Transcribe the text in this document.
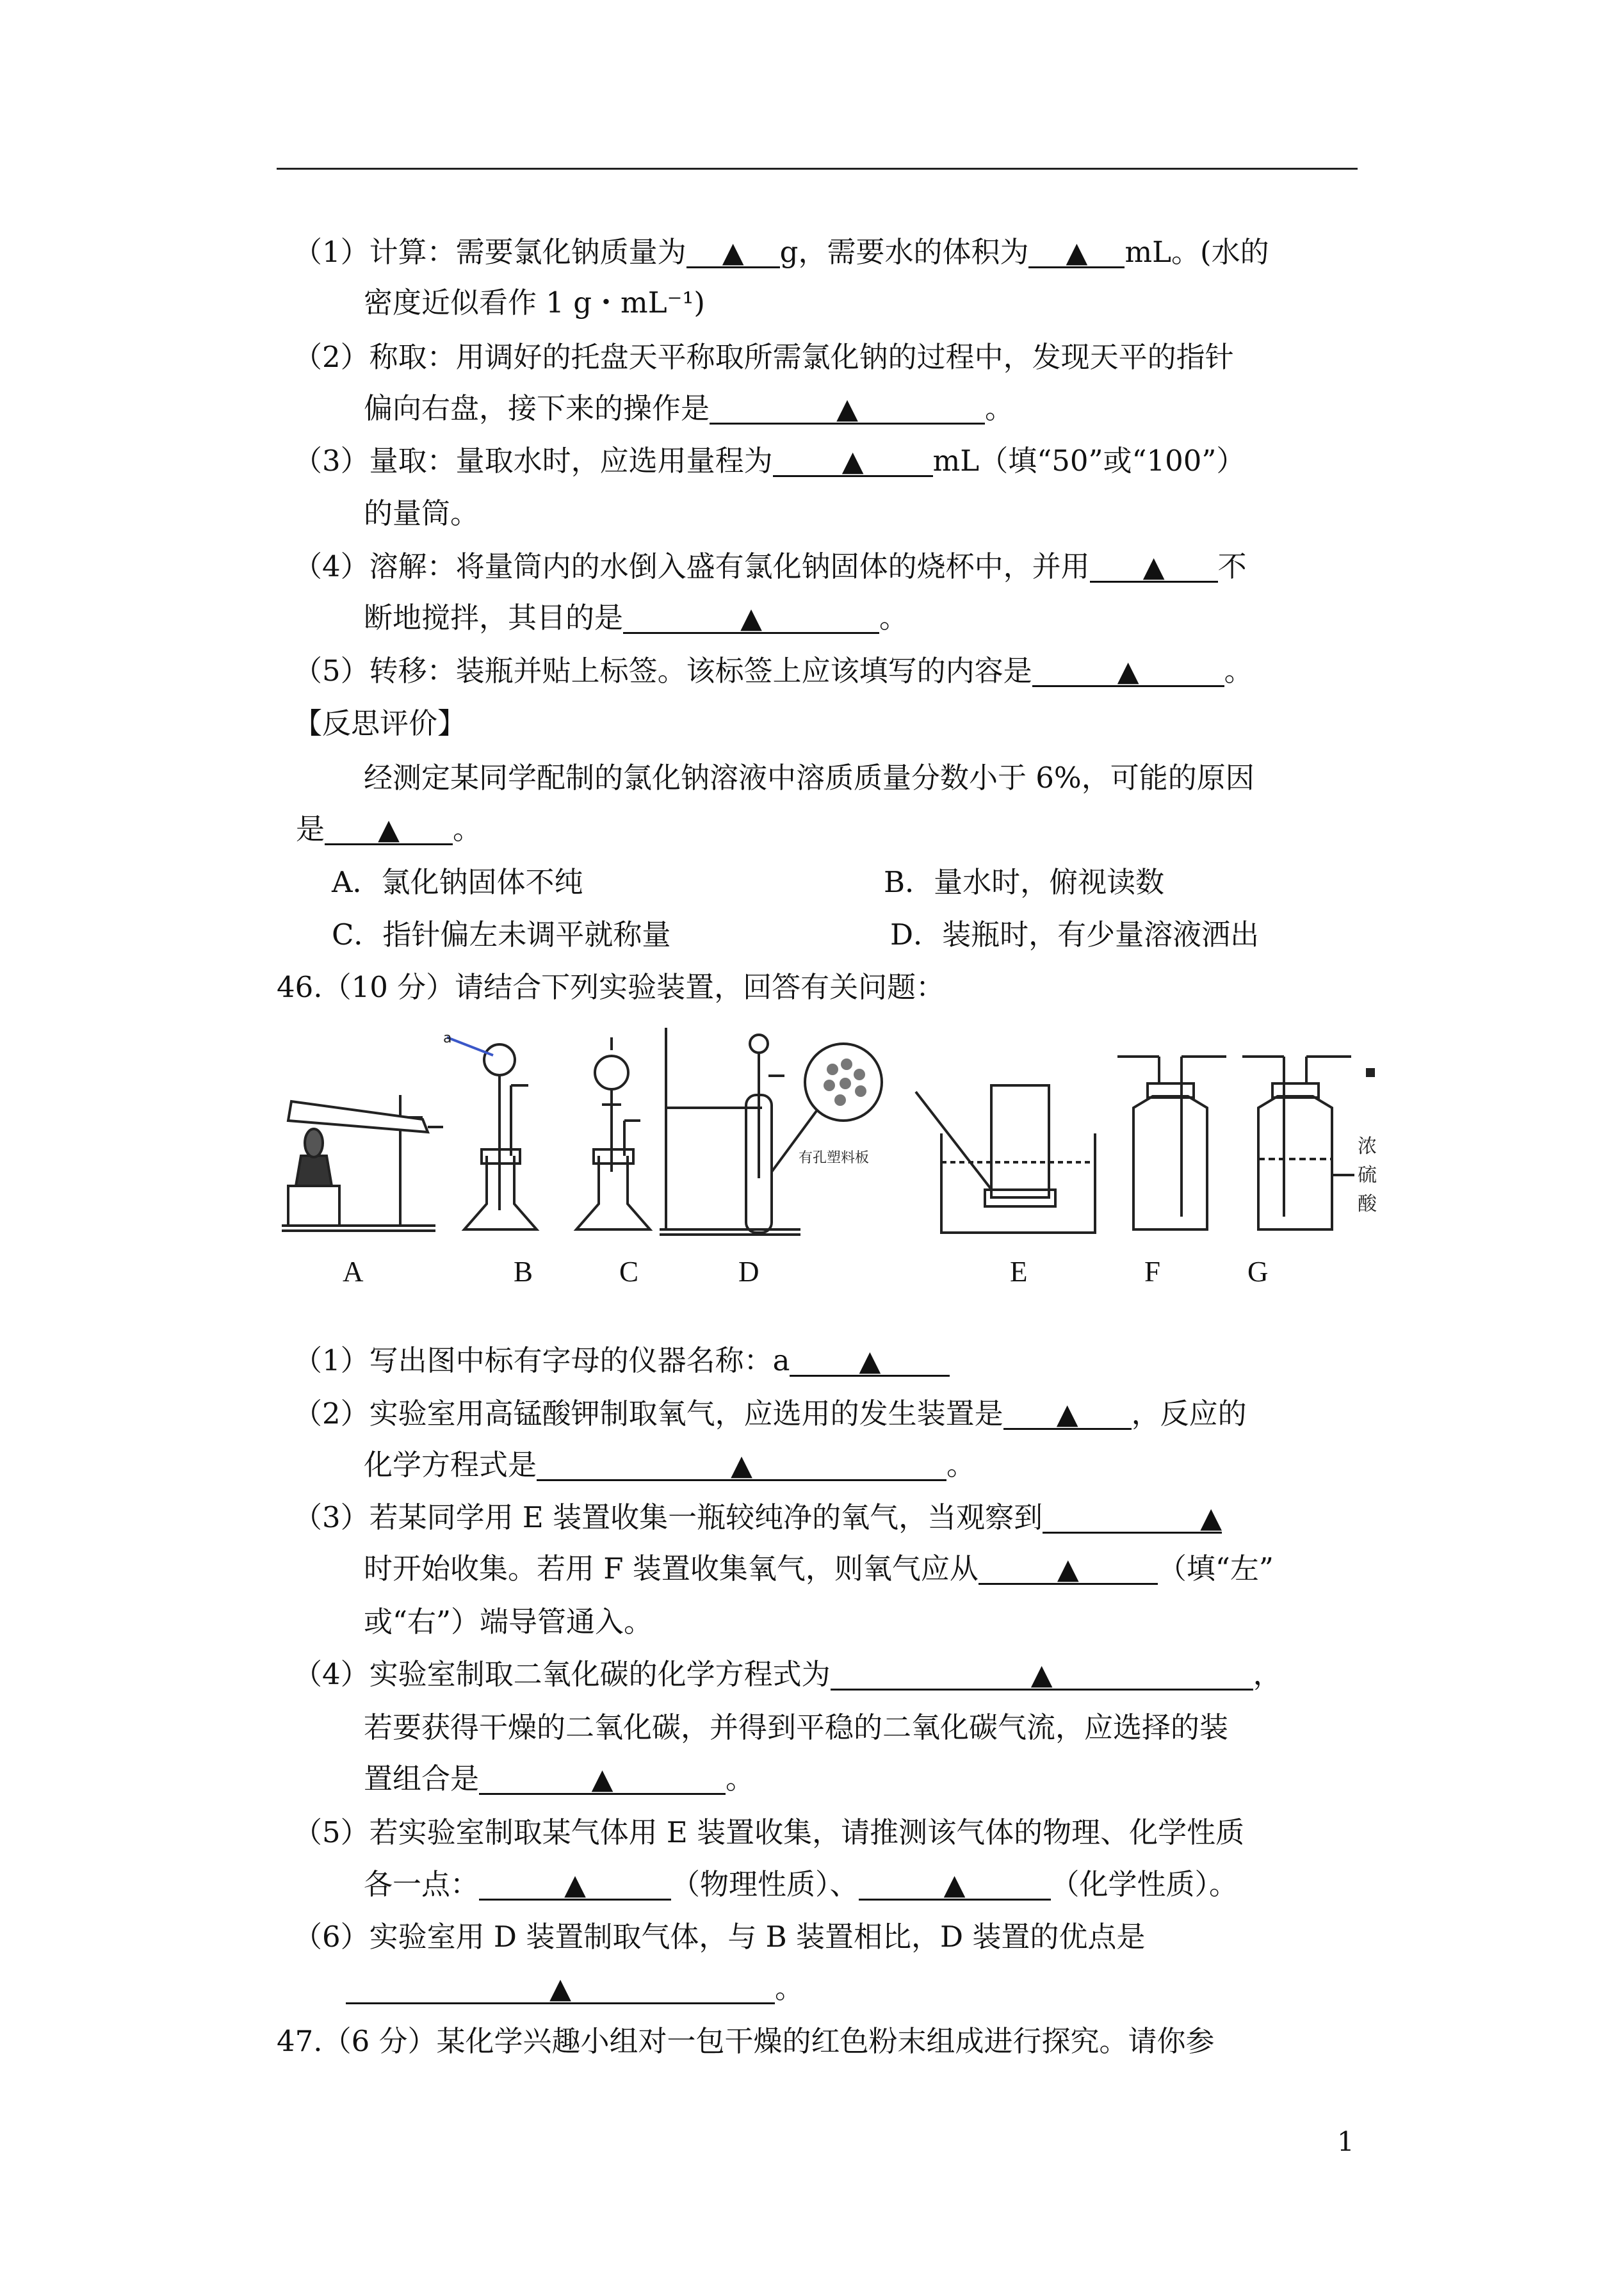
（1）计算：需要氯化钠质量为 ▲ g，需要水的体积为 ▲ mL。(水的
密度近似看作 1 g・mL⁻¹)
（2）称取：用调好的托盘天平称取所需氯化钠的过程中，发现天平的指针
偏向右盘，接下来的操作是	▲	。
（3）量取：量取水时，应选用量程为 ▲ mL（填“50”或“100”）
的量筒。
（4）溶解：将量筒内的水倒入盛有氯化钠固体的烧杯中，并用 ▲ 不
断地搅拌，其目的是	▲	。
（5）转移：装瓶并贴上标签。该标签上应该填写的内容是	▲	。
【反思评价】
经测定某同学配制的氯化钠溶液中溶质质量分数小于 6%，可能的原因
是 ▲ 。
A．氯化钠固体不纯	B．量水时，俯视读数
C．指针偏左未调平就称量	D．装瓶时，有少量溶液洒出
46.（10 分）请结合下列实验装置，回答有关问题：
a
有孔塑料板
浓
硫
酸
A	B	C	D	E	F	G
（1）写出图中标有字母的仪器名称：a ▲
（2）实验室用高锰酸钾制取氧气，应选用的发生装置是 ▲ ，反应的
化学方程式是	▲	。
（3）若某同学用 E 装置收集一瓶较纯净的氧气，当观察到	▲
时开始收集。若用 F 装置收集氧气，则氧气应从	▲	（填“左”
或“右”）端导管通入。
（4）实验室制取二氧化碳的化学方程式为	▲	，
若要获得干燥的二氧化碳，并得到平稳的二氧化碳气流，应选择的装
置组合是	▲	。
（5）若实验室制取某气体用 E 装置收集，请推测该气体的物理、化学性质
各一点：	▲	（物理性质）、	▲	（化学性质）。
（6）实验室用 D 装置制取气体，与 B 装置相比，D 装置的优点是
▲	。
47.（6 分）某化学兴趣小组对一包干燥的红色粉末组成进行探究。请你参
1
